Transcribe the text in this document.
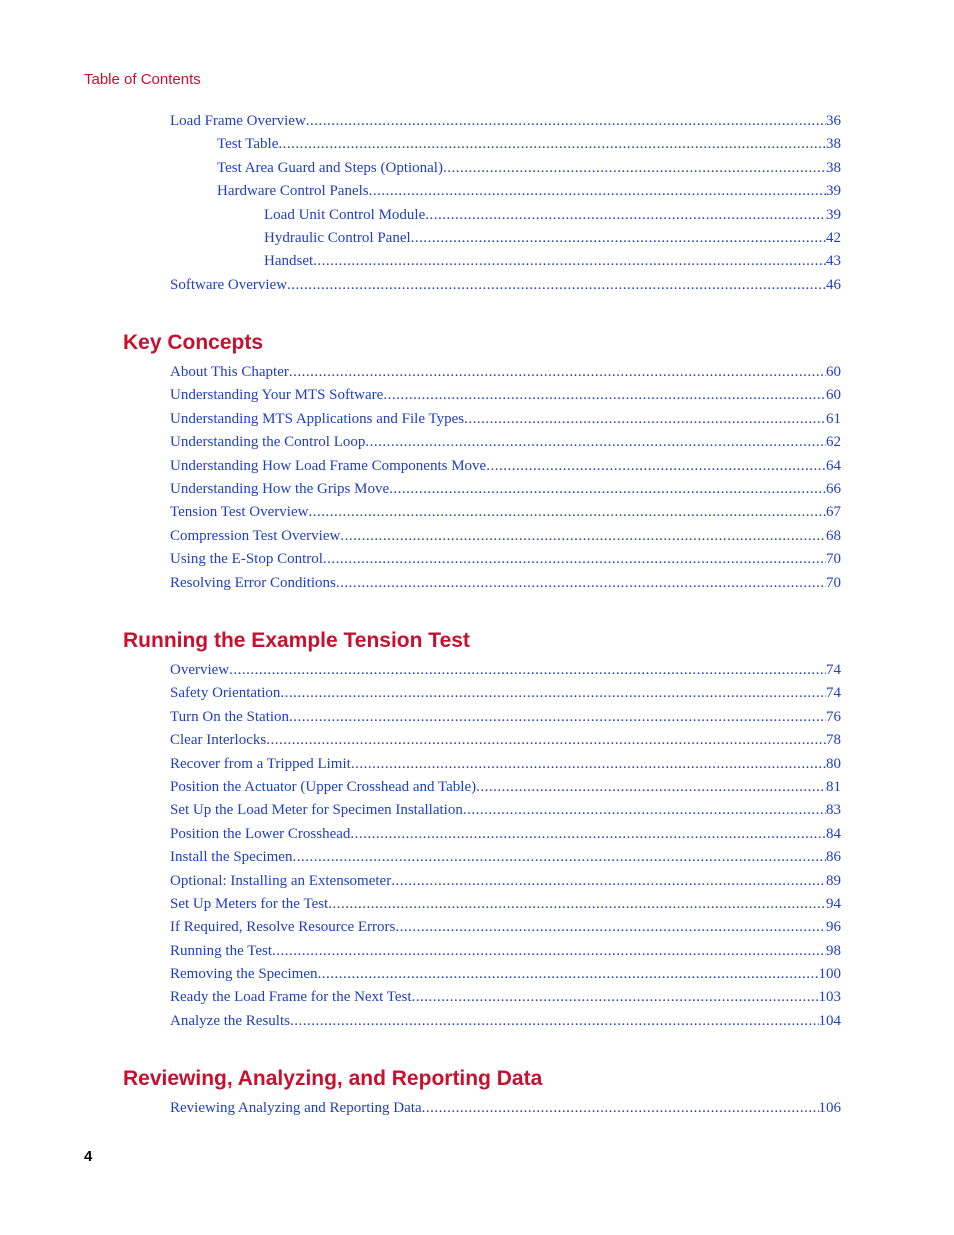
Table of Contents
Load Frame Overview .....	36
Test Table .....	38
Test Area Guard and Steps (Optional) .....	38
Hardware Control Panels .....	39
Load Unit Control Module .....	39
Hydraulic Control Panel .....	42
Handset .....	43
Software Overview .....	46
Key Concepts
About This Chapter .....	60
Understanding Your MTS Software .....	60
Understanding MTS Applications and File Types .....	61
Understanding the Control Loop .....	62
Understanding How Load Frame Components Move .....	64
Understanding How the Grips Move .....	66
Tension Test Overview .....	67
Compression Test Overview .....	68
Using the E-Stop Control .....	70
Resolving Error Conditions .....	70
Running the Example Tension Test
Overview .....	74
Safety Orientation .....	74
Turn On the Station .....	76
Clear Interlocks .....	78
Recover from a Tripped Limit .....	80
Position the Actuator (Upper Crosshead and Table) .....	81
Set Up the Load Meter for Specimen Installation .....	83
Position the Lower Crosshead .....	84
Install the Specimen .....	86
Optional: Installing an Extensometer .....	89
Set Up Meters for the Test .....	94
If Required, Resolve Resource Errors .....	96
Running the Test .....	98
Removing the Specimen .....	100
Ready the Load Frame for the Next Test .....	103
Analyze the Results .....	104
Reviewing, Analyzing, and Reporting Data
Reviewing Analyzing and Reporting Data .....	106
4
